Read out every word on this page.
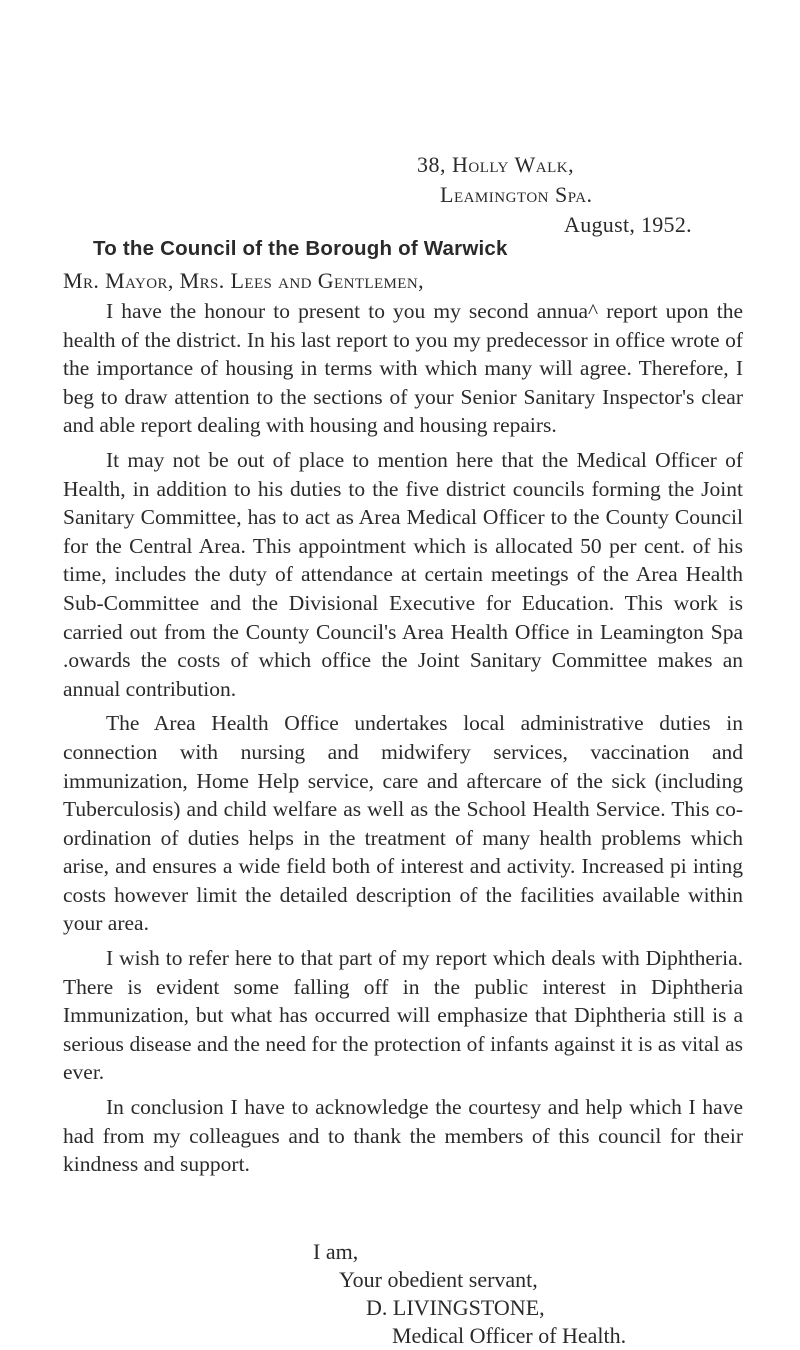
38, Holly Walk,
Leamington Spa.
August, 1952.
To the Council of the Borough of Warwick
Mr. Mayor, Mrs. Lees and Gentlemen,

I have the honour to present to you my second annua^ report upon the health of the district. In his last report to you my predecessor in office wrote of the importance of housing in terms with which many will agree. Therefore, I beg to draw attention to the sections of your Senior Sanitary Inspector's clear and able report dealing with housing and housing repairs.

It may not be out of place to mention here that the Medical Officer of Health, in addition to his duties to the five district councils forming the Joint Sanitary Committee, has to act as Area Medical Officer to the County Council for the Central Area. This appointment which is allocated 50 per cent. of his time, includes the duty of attendance at certain meetings of the Area Health Sub-Committee and the Divisional Executive for Education. This work is carried out from the County Council's Area Health Office in Leamington Spa .owards the costs of which office the Joint Sanitary Committee makes an annual contribution.

The Area Health Office undertakes local administrative duties in connection with nursing and midwifery services, vaccination and immunization, Home Help service, care and aftercare of the sick (including Tuberculosis) and child welfare as well as the School Health Service. This co-ordination of duties helps in the treatment of many health problems which arise, and ensures a wide field both of interest and activity. Increased pi inting costs however limit the detailed description of the facilities available within your area.

I wish to refer here to that part of my report which deals with Diphtheria. There is evident some falling off in the public interest in Diphtheria Immunization, but what has occurred will emphasize that Diphtheria still is a serious disease and the need for the protection of infants against it is as vital as ever.

In conclusion I have to acknowledge the courtesy and help which I have had from my colleagues and to thank the members of this council for their kindness and support.

I am,
Your obedient servant,
D. LIVINGSTONE,
Medical Officer of Health.
